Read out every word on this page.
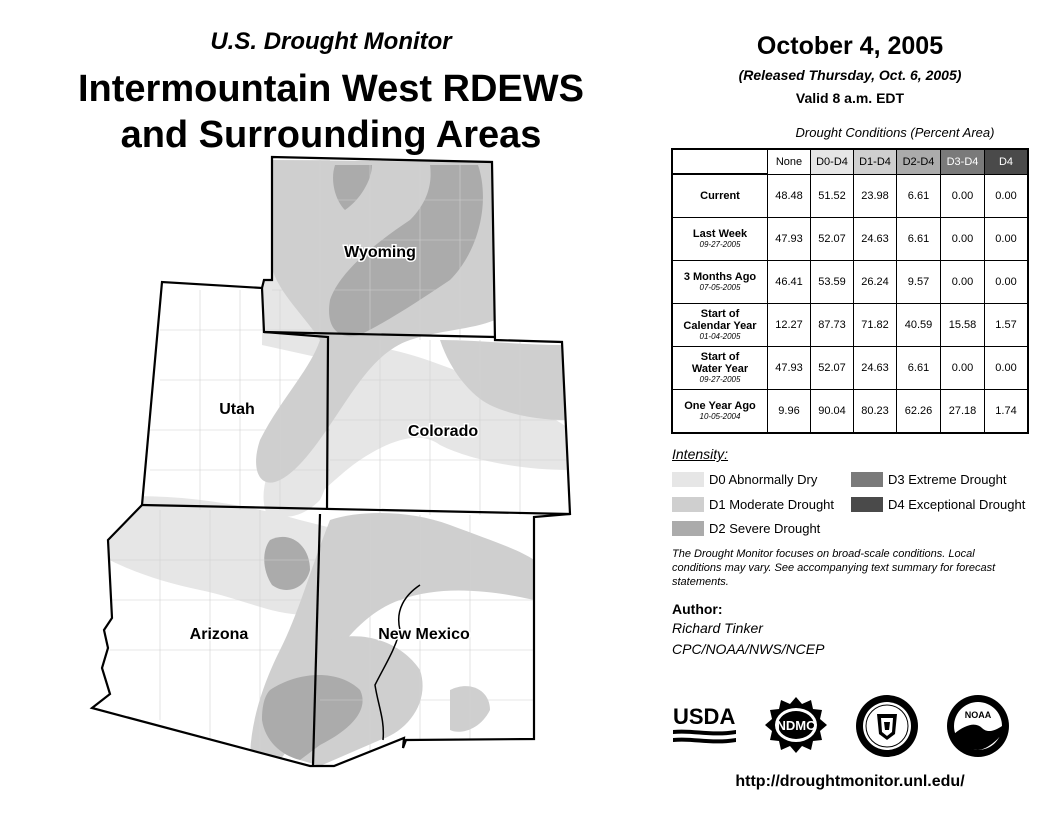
U.S. Drought Monitor
Intermountain West RDEWS
and Surrounding Areas
Wyoming
Utah
Colorado
Arizona	New Mexico
October 4, 2005
(Released Thursday, Oct. 6, 2005)
Valid 8 a.m. EDT
Drought Conditions (Percent Area)
	None	D0-D4	D1-D4	D2-D4	D3-D4	D4

Current	48.48	51.52	23.98	6.61	0.00	0.00

Last Week
09-27-2005	47.93	52.07	24.63	6.61	0.00	0.00

3 Months Ago
07-05-2005	46.41	53.59	26.24	9.57	0.00	0.00

Start of
Calendar Year
01-04-2005	12.27	87.73	71.82	40.59	15.58	1.57

Start of
Water Year
09-27-2005	47.93	52.07	24.63	6.61	0.00	0.00

One Year Ago
10-05-2004	9.96	90.04	80.23	62.26	27.18	1.74
Intensity:
D0 Abnormally Dry
D1 Moderate Drought
D2 Severe Drought
D3 Extreme Drought
D4 Exceptional Drought
The Drought Monitor focuses on broad-scale conditions. Local conditions may vary. See accompanying text summary for forecast statements.
Author:
Richard Tinker
CPC/NOAA/NWS/NCEP
USDA	NDMC
NOAA
http://droughtmonitor.unl.edu/
